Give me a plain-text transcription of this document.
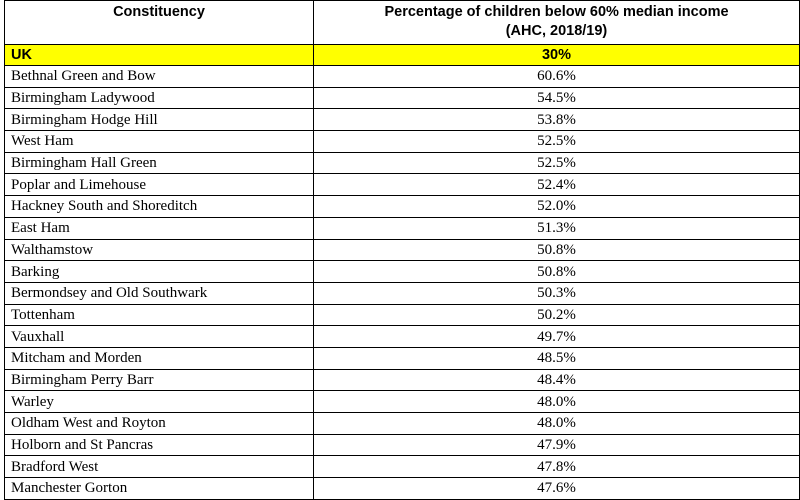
Constituency	Percentage of children below 60% median income
(AHC, 2018/19)
UK	30%
Bethnal Green and Bow	60.6%
Birmingham Ladywood	54.5%
Birmingham Hodge Hill	53.8%
West Ham	52.5%
Birmingham Hall Green	52.5%
Poplar and Limehouse	52.4%
Hackney South and Shoreditch	52.0%
East Ham	51.3%
Walthamstow	50.8%
Barking	50.8%
Bermondsey and Old Southwark	50.3%
Tottenham	50.2%
Vauxhall	49.7%
Mitcham and Morden	48.5%
Birmingham Perry Barr	48.4%
Warley	48.0%
Oldham West and Royton	48.0%
Holborn and St Pancras	47.9%
Bradford West	47.8%
Manchester Gorton	47.6%
